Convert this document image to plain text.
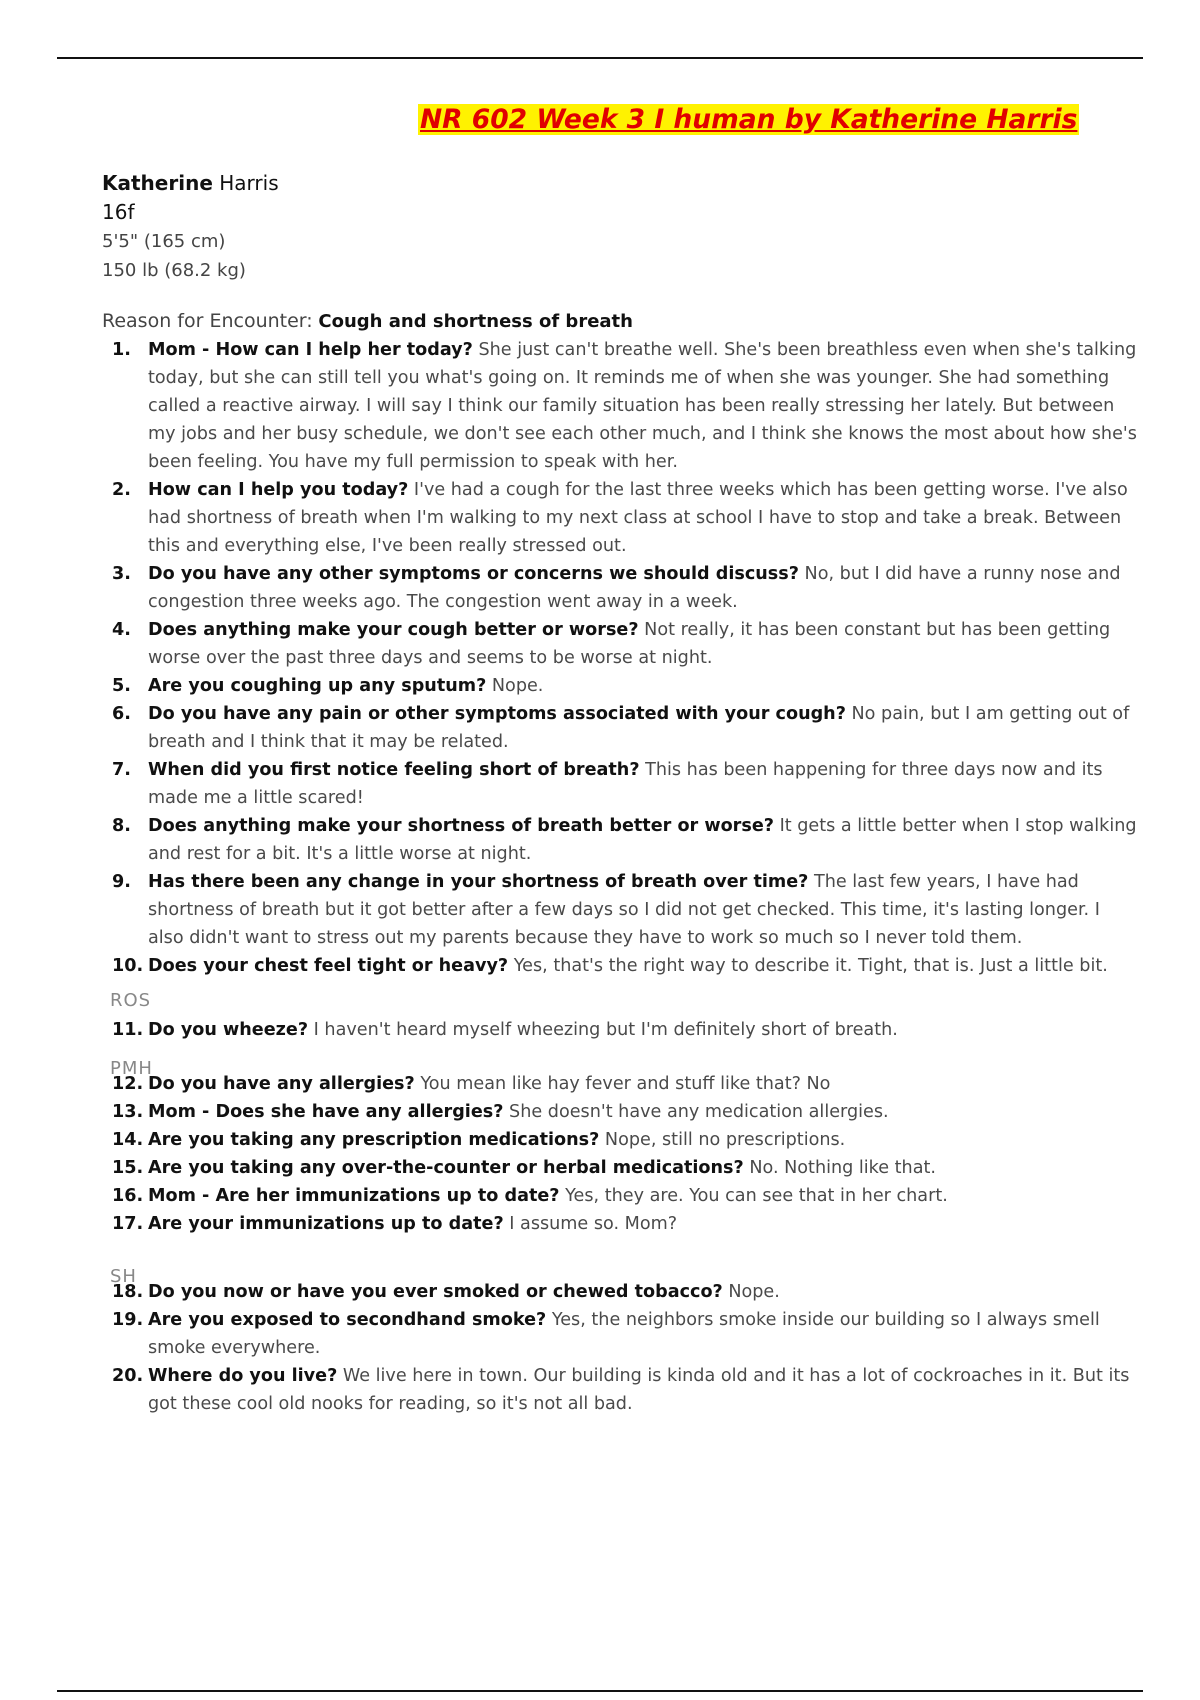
NR 602 Week 3 I human by Katherine Harris
Katherine Harris
16f
5'5" (165 cm)
150 lb (68.2 kg)
Reason for Encounter: Cough and shortness of breath
1. Mom - How can I help her today? She just can't breathe well. She's been breathless even when she's talking today, but she can still tell you what's going on. It reminds me of when she was younger. She had something called a reactive airway. I will say I think our family situation has been really stressing her lately. But between my jobs and her busy schedule, we don't see each other much, and I think she knows the most about how she's been feeling. You have my full permission to speak with her.
2. How can I help you today? I've had a cough for the last three weeks which has been getting worse. I've also had shortness of breath when I'm walking to my next class at school I have to stop and take a break. Between this and everything else, I've been really stressed out.
3. Do you have any other symptoms or concerns we should discuss? No, but I did have a runny nose and congestion three weeks ago. The congestion went away in a week.
4. Does anything make your cough better or worse? Not really, it has been constant but has been getting worse over the past three days and seems to be worse at night.
5. Are you coughing up any sputum? Nope.
6. Do you have any pain or other symptoms associated with your cough? No pain, but I am getting out of breath and I think that it may be related.
7. When did you first notice feeling short of breath? This has been happening for three days now and its made me a little scared!
8. Does anything make your shortness of breath better or worse? It gets a little better when I stop walking and rest for a bit. It's a little worse at night.
9. Has there been any change in your shortness of breath over time? The last few years, I have had shortness of breath but it got better after a few days so I did not get checked. This time, it's lasting longer. I also didn't want to stress out my parents because they have to work so much so I never told them.
10. Does your chest feel tight or heavy? Yes, that's the right way to describe it. Tight, that is. Just a little bit.
ROS
11. Do you wheeze? I haven't heard myself wheezing but I'm definitely short of breath.
PMH
12. Do you have any allergies? You mean like hay fever and stuff like that? No
13. Mom - Does she have any allergies? She doesn't have any medication allergies.
14. Are you taking any prescription medications? Nope, still no prescriptions.
15. Are you taking any over-the-counter or herbal medications? No. Nothing like that.
16. Mom - Are her immunizations up to date? Yes, they are. You can see that in her chart.
17. Are your immunizations up to date? I assume so. Mom?
SH
18. Do you now or have you ever smoked or chewed tobacco? Nope.
19. Are you exposed to secondhand smoke? Yes, the neighbors smoke inside our building so I always smell smoke everywhere.
20. Where do you live? We live here in town. Our building is kinda old and it has a lot of cockroaches in it. But its got these cool old nooks for reading, so it's not all bad.
